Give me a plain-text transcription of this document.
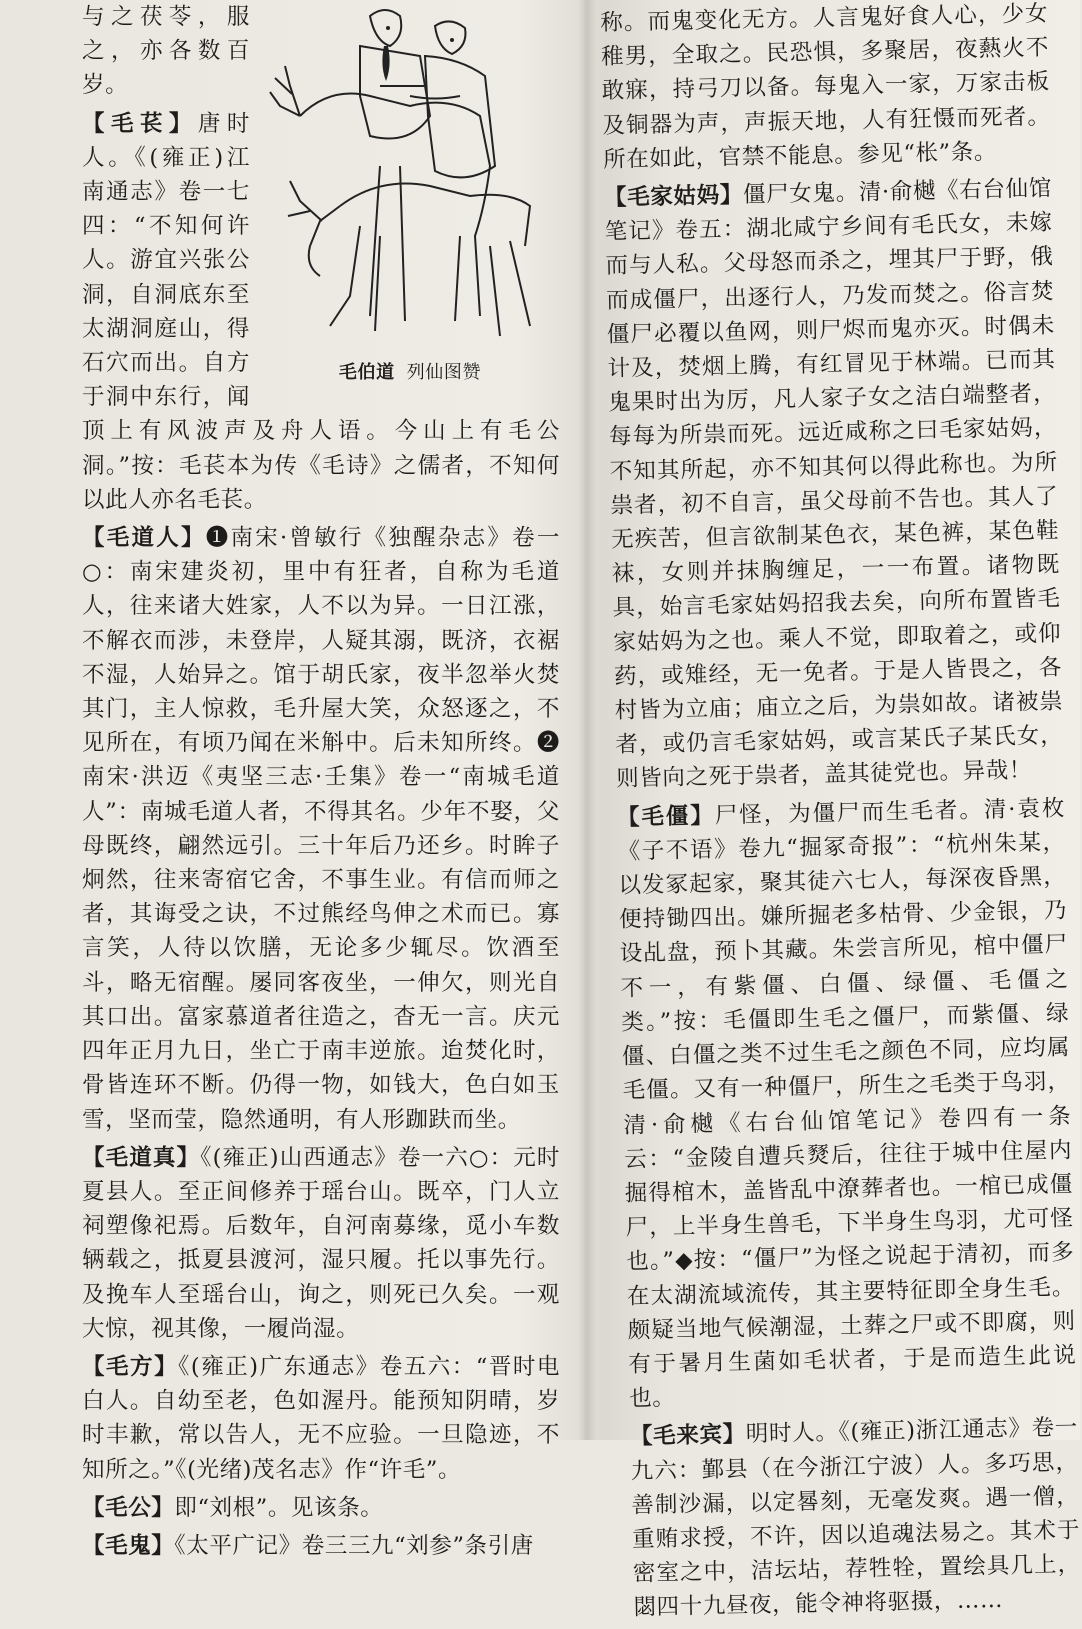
毛伯道 列仙图赞

与之茯苓，服之，亦各数百岁。

【毛苌】唐时人。《(雍正)江南通志》卷一七四：“不知何许人。游宜兴张公洞，自洞底东至太湖洞庭山，得石穴而出。自方于洞中东行，闻顶上有风波声及舟人语。今山上有毛公洞。”按：毛苌本为传《毛诗》之儒者，不知何以此人亦名毛苌。

【毛道人】❶南宋·曾敏行《独醒杂志》卷一○：南宋建炎初，里中有狂者，自称为毛道人，往来诸大姓家，人不以为异。一日江涨，不解衣而涉，未登岸，人疑其溺，既济，衣裾不湿，人始异之。馆于胡氏家，夜半忽举火焚其门，主人惊救，毛升屋大笑，众怒逐之，不见所在，有顷乃闻在米斛中。后未知所终。❷南宋·洪迈《夷坚三志·壬集》卷一“南城毛道人”：南城毛道人者，不得其名。少年不娶，父母既终，翩然远引。三十年后乃还乡。时眸子炯然，往来寄宿它舍，不事生业。有信而师之者，其诲受之诀，不过熊经鸟伸之术而已。寡言笑，人待以饮膳，无论多少辄尽。饮酒至斗，略无宿醒。屡同客夜坐，一伸欠，则光自其口出。富家慕道者往造之，杳无一言。庆元四年正月九日，坐亡于南丰逆旅。迨焚化时，骨皆连环不断。仍得一物，如钱大，色白如玉雪，坚而莹，隐然通明，有人形跏趺而坐。

【毛道真】《(雍正)山西通志》卷一六○：元时夏县人。至正间修养于瑶台山。既卒，门人立祠塑像祀焉。后数年，自河南募缘，觅小车数辆载之，抵夏县渡河，湿只履。托以事先行。及挽车人至瑶台山，询之，则死已久矣。一观大惊，视其像，一履尚湿。

【毛方】《(雍正)广东通志》卷五六：“晋时电白人。自幼至老，色如渥丹。能预知阴晴，岁时丰歉，常以告人，无不应验。一旦隐迹，不知所之。”《(光绪)茂名志》作“许毛”。

【毛公】即“刘根”。见该条。

【毛鬼】《太平广记》卷三三九“刘参”条引唐

称。而鬼变化无方。人言鬼好食人心，少女稚男，全取之。民恐惧，多聚居，夜爇火不敢寐，持弓刀以备。每鬼入一家，万家击板及铜器为声，声振天地，人有狂慑而死者。所在如此，官禁不能息。参见“枨”条。

【毛家姑妈】僵尸女鬼。清·俞樾《右台仙馆笔记》卷五：湖北咸宁乡间有毛氏女，未嫁而与人私。父母怒而杀之，埋其尸于野，俄而成僵尸，出逐行人，乃发而焚之。俗言焚僵尸必覆以鱼网，则尸烬而鬼亦灭。时偶未计及，焚烟上腾，有红冒见于林端。已而其鬼果时出为厉，凡人家子女之洁白端整者，每每为所祟而死。远近咸称之曰毛家姑妈，不知其所起，亦不知其何以得此称也。为所祟者，初不自言，虽父母前不告也。其人了无疾苦，但言欲制某色衣，某色裤，某色鞋袜，女则并抹胸缠足，一一布置。诸物既具，始言毛家姑妈招我去矣，向所布置皆毛家姑妈为之也。乘人不觉，即取着之，或仰药，或雉经，无一免者。于是人皆畏之，各村皆为立庙；庙立之后，为祟如故。诸被祟者，或仍言毛家姑妈，或言某氏子某氏女，则皆向之死于祟者，盖其徒党也。异哉！

【毛僵】尸怪，为僵尸而生毛者。清·袁枚《子不语》卷九“掘冢奇报”：“杭州朱某，以发冢起家，聚其徒六七人，每深夜昏黑，便持锄四出。嫌所掘老多枯骨、少金银，乃设乩盘，预卜其藏。朱尝言所见，棺中僵尸不一，有紫僵、白僵、绿僵、毛僵之类。”按：毛僵即生毛之僵尸，而紫僵、绿僵、白僵之类不过生毛之颜色不同，应均属毛僵。又有一种僵尸，所生之毛类于鸟羽，清·俞樾《右台仙馆笔记》卷四有一条云：“金陵自遭兵燹后，往往于城中住屋内掘得棺木，盖皆乱中潦葬者也。一棺已成僵尸，上半身生兽毛，下半身生鸟羽，尤可怪也。”◆按：“僵尸”为怪之说起于清初，而多在太湖流域流传，其主要特征即全身生毛。颇疑当地气候潮湿，土葬之尸或不即腐，则有于暑月生菌如毛状者，于是而造生此说也。

【毛来宾】明时人。《(雍正)浙江通志》卷一九六：鄞县（在今浙江宁波）人。多巧思，善制沙漏，以定晷刻，无毫发爽。遇一僧，重贿求授，不许，因以追魂法易之。其术于密室之中，洁坛坫，荐牲牷，置绘具几上，閟四十九昼夜，能令神将驱摄，……
